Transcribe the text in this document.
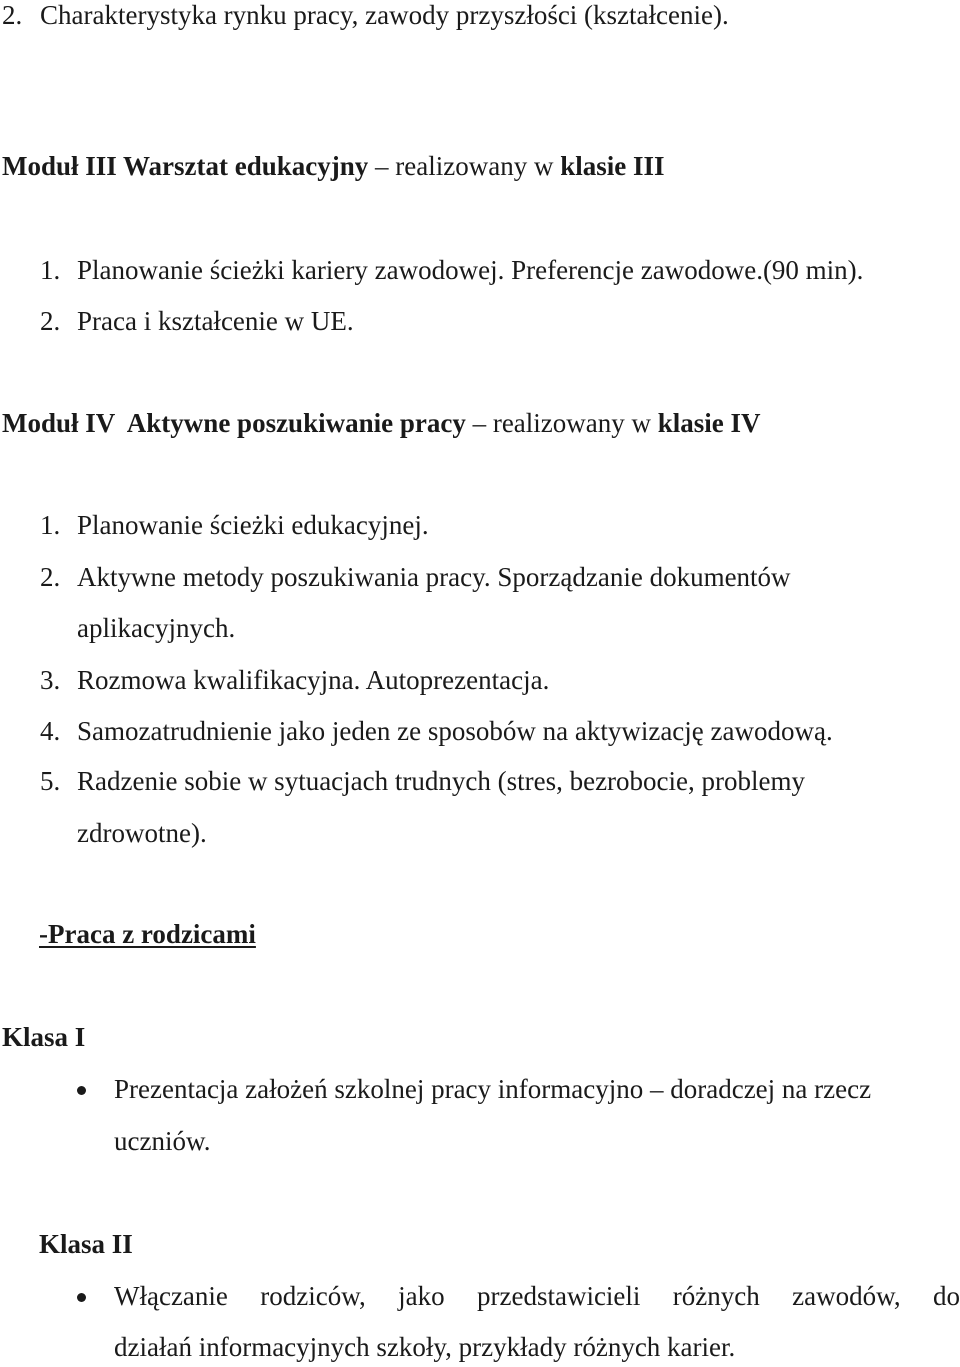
2. Charakterystyka rynku pracy, zawody przyszłości (kształcenie).
Moduł III Warsztat edukacyjny – realizowany w klasie III
1. Planowanie ścieżki kariery zawodowej. Preferencje zawodowe.(90 min).
2. Praca i kształcenie w UE.
Moduł IV  Aktywne poszukiwanie pracy – realizowany w klasie IV
1. Planowanie ścieżki edukacyjnej.
2. Aktywne metody poszukiwania pracy. Sporządzanie dokumentów
aplikacyjnych.
3. Rozmowa kwalifikacyjna. Autoprezentacja.
4. Samozatrudnienie jako jeden ze sposobów na aktywizację zawodową.
5. Radzenie sobie w sytuacjach trudnych (stres, bezrobocie, problemy
zdrowotne).
-Praca z rodzicami
Klasa I
Prezentacja założeń szkolnej pracy informacyjno – doradczej na rzecz
uczniów.
Klasa II
Włączanie rodziców, jako przedstawicieli różnych zawodów, do
działań informacyjnych szkoły, przykłady różnych karier.
